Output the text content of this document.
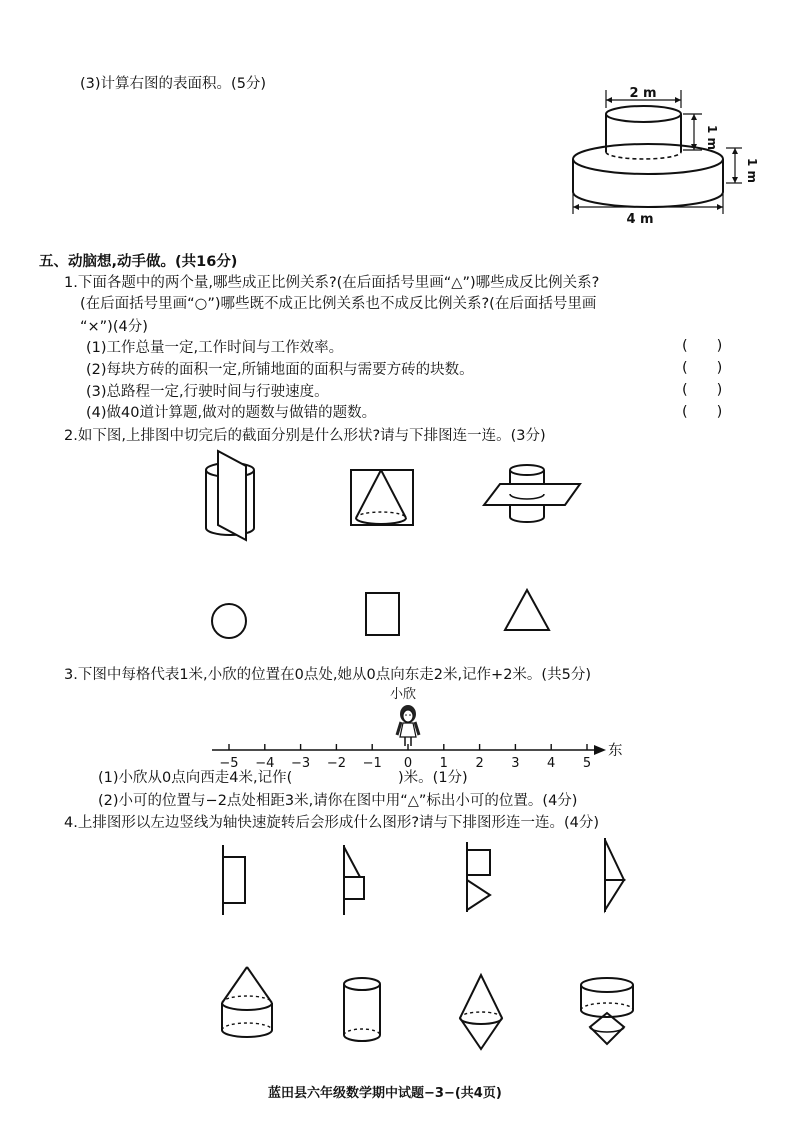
(3)计算右图的表面积。(5分)
2 m
1 m
1 m
4 m
五、动脑想,动手做。(共16分)
1.下面各题中的两个量,哪些成正比例关系?(在后面括号里画“△”)哪些成反比例关系?
(在后面括号里画“○”)哪些既不成正比例关系也不成反比例关系?(在后面括号里画
“×”)(4分)
(1)工作总量一定,工作时间与工作效率。
(2)每块方砖的面积一定,所铺地面的面积与需要方砖的块数。
(3)总路程一定,行驶时间与行驶速度。
(4)做40道计算题,做对的题数与做错的题数。
(　　)
(　　)
(　　)
(　　)
2.如下图,上排图中切完后的截面分别是什么形状?请与下排图连一连。(3分)
3.下图中每格代表1米,小欣的位置在0点处,她从0点向东走2米,记作+2米。(共5分)
小欣
−5 −4 −3 −2 −1 0 1 2 3 4 5
东
(1)小欣从0点向西走4米,记作(	)米。(1分)
(2)小可的位置与−2点处相距3米,请你在图中用“△”标出小可的位置。(4分)
4.上排图形以左边竖线为轴快速旋转后会形成什么图形?请与下排图形连一连。(4分)
蓝田县六年级数学期中试题−3−(共4页)
